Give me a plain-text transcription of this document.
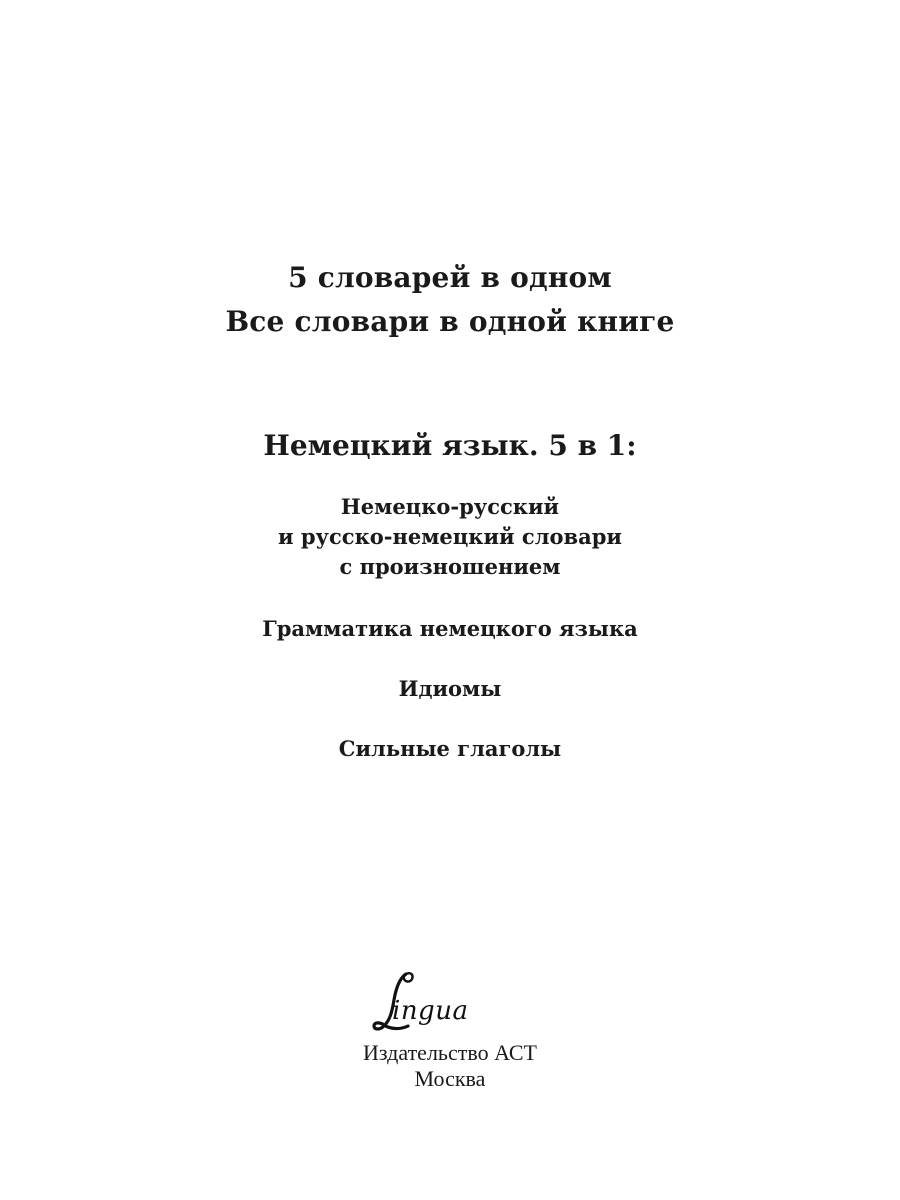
5 словарей в одном
Все словари в одной книге
Немецкий язык. 5 в 1:
Немецко-русский
и русско-немецкий словари
с произношением
Грамматика немецкого языка
Идиомы
Сильные глаголы
ingua
Издательство АСТ
Москва
